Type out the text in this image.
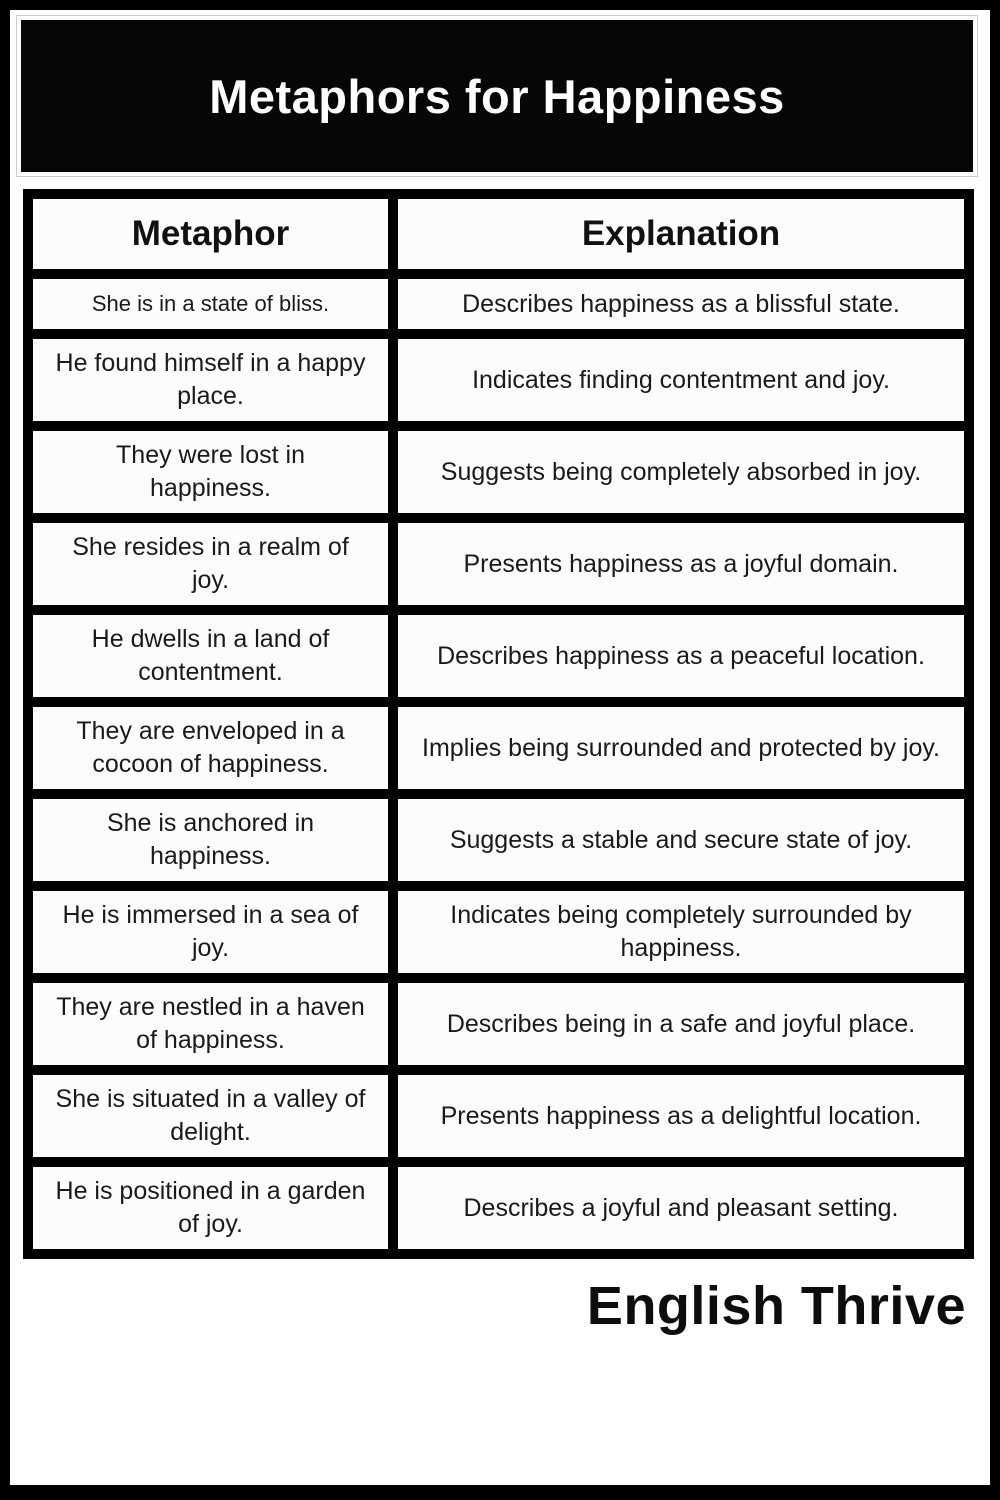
Metaphors for Happiness
Metaphor	Explanation
She is in a state of bliss.	Describes happiness as a blissful state.
He found himself in a happy place.	Indicates finding contentment and joy.
They were lost in happiness.	Suggests being completely absorbed in joy.
She resides in a realm of joy.	Presents happiness as a joyful domain.
He dwells in a land of contentment.	Describes happiness as a peaceful location.
They are enveloped in a cocoon of happiness.	Implies being surrounded and protected by joy.
She is anchored in happiness.	Suggests a stable and secure state of joy.
He is immersed in a sea of joy.	Indicates being completely surrounded by happiness.
They are nestled in a haven of happiness.	Describes being in a safe and joyful place.
She is situated in a valley of delight.	Presents happiness as a delightful location.
He is positioned in a garden of joy.	Describes a joyful and pleasant setting.
English Thrive
